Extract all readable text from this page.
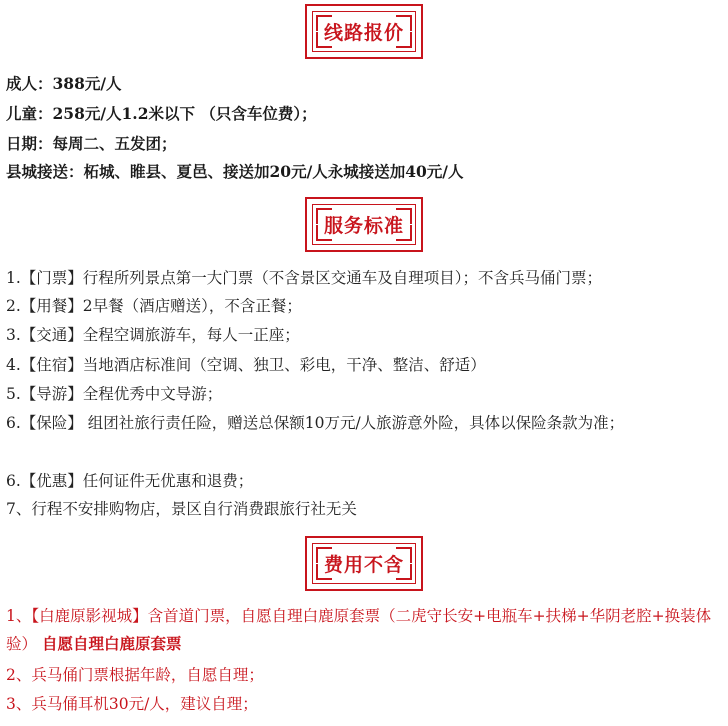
线路报价
成人：388元/人
儿童：258元/人1.2米以下 （只含车位费）；
日期：每周二、五发团；
县城接送：柘城、睢县、夏邑、接送加20元/人永城接送加40元/人
服务标准
1.【门票】行程所列景点第一大门票（不含景区交通车及自理项目）；不含兵马俑门票；
2.【用餐】2早餐（酒店赠送），不含正餐；
3.【交通】全程空调旅游车，每人一正座；
4.【住宿】当地酒店标准间（空调、独卫、彩电，干净、整洁、舒适）
5.【导游】全程优秀中文导游；
6.【保险】 组团社旅行责任险，赠送总保额10万元/人旅游意外险，具体以保险条款为准；
6.【优惠】任何证件无优惠和退费；
7、行程不安排购物店，景区自行消费跟旅行社无关
费用不含
1、【白鹿原影视城】含首道门票，自愿自理白鹿原套票（二虎守长安+电瓶车+扶梯+华阴老腔+换装体验） 自愿自理白鹿原套票
2、兵马俑门票根据年龄，自愿自理；
3、兵马俑耳机30元/人，建议自理；
